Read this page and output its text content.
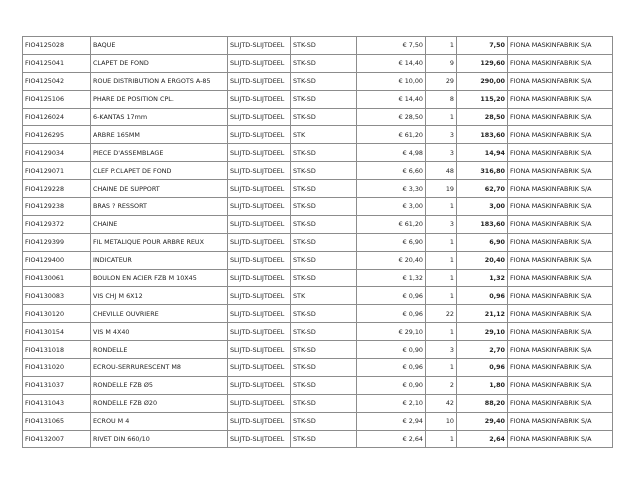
FIO4125028	BAQUE	SLIJTD-SLIJTDEEL	STK-SD	€ 7,50	1	7,50	FIONA MASKINFABRIK S/A
FIO4125041	CLAPET DE FOND	SLIJTD-SLIJTDEEL	STK-SD	€ 14,40	9	129,60	FIONA MASKINFABRIK S/A
FIO4125042	ROUE DISTRIBUTION A ERGOTS A-85	SLIJTD-SLIJTDEEL	STK-SD	€ 10,00	29	290,00	FIONA MASKINFABRIK S/A
FIO4125106	PHARE DE POSITION CPL.	SLIJTD-SLIJTDEEL	STK-SD	€ 14,40	8	115,20	FIONA MASKINFABRIK S/A
FIO4126024	6-KANTAS 17mm	SLIJTD-SLIJTDEEL	STK-SD	€ 28,50	1	28,50	FIONA MASKINFABRIK S/A
FIO4126295	ARBRE 165MM	SLIJTD-SLIJTDEEL	STK	€ 61,20	3	183,60	FIONA MASKINFABRIK S/A
FIO4129034	PIECE D'ASSEMBLAGE	SLIJTD-SLIJTDEEL	STK-SD	€ 4,98	3	14,94	FIONA MASKINFABRIK S/A
FIO4129071	CLEF P.CLAPET DE FOND	SLIJTD-SLIJTDEEL	STK-SD	€ 6,60	48	316,80	FIONA MASKINFABRIK S/A
FIO4129228	CHAINE DE SUPPORT	SLIJTD-SLIJTDEEL	STK-SD	€ 3,30	19	62,70	FIONA MASKINFABRIK S/A
FIO4129238	BRAS ? RESSORT	SLIJTD-SLIJTDEEL	STK-SD	€ 3,00	1	3,00	FIONA MASKINFABRIK S/A
FIO4129372	CHAINE	SLIJTD-SLIJTDEEL	STK-SD	€ 61,20	3	183,60	FIONA MASKINFABRIK S/A
FIO4129399	FIL METALIQUE POUR ARBRE REUX	SLIJTD-SLIJTDEEL	STK-SD	€ 6,90	1	6,90	FIONA MASKINFABRIK S/A
FIO4129400	INDICATEUR	SLIJTD-SLIJTDEEL	STK-SD	€ 20,40	1	20,40	FIONA MASKINFABRIK S/A
FIO4130061	BOULON EN ACIER FZB M 10X45	SLIJTD-SLIJTDEEL	STK-SD	€ 1,32	1	1,32	FIONA MASKINFABRIK S/A
FIO4130083	VIS CHJ M 6X12	SLIJTD-SLIJTDEEL	STK	€ 0,96	1	0,96	FIONA MASKINFABRIK S/A
FIO4130120	CHEVILLE OUVRIERE	SLIJTD-SLIJTDEEL	STK-SD	€ 0,96	22	21,12	FIONA MASKINFABRIK S/A
FIO4130154	VIS M 4X40	SLIJTD-SLIJTDEEL	STK-SD	€ 29,10	1	29,10	FIONA MASKINFABRIK S/A
FIO4131018	RONDELLE	SLIJTD-SLIJTDEEL	STK-SD	€ 0,90	3	2,70	FIONA MASKINFABRIK S/A
FIO4131020	ECROU-SERRURESCENT M8	SLIJTD-SLIJTDEEL	STK-SD	€ 0,96	1	0,96	FIONA MASKINFABRIK S/A
FIO4131037	RONDELLE FZB Ø5	SLIJTD-SLIJTDEEL	STK-SD	€ 0,90	2	1,80	FIONA MASKINFABRIK S/A
FIO4131043	RONDELLE FZB Ø20	SLIJTD-SLIJTDEEL	STK-SD	€ 2,10	42	88,20	FIONA MASKINFABRIK S/A
FIO4131065	ECROU M 4	SLIJTD-SLIJTDEEL	STK-SD	€ 2,94	10	29,40	FIONA MASKINFABRIK S/A
FIO4132007	RIVET DIN 660/10	SLIJTD-SLIJTDEEL	STK-SD	€ 2,64	1	2,64	FIONA MASKINFABRIK S/A
